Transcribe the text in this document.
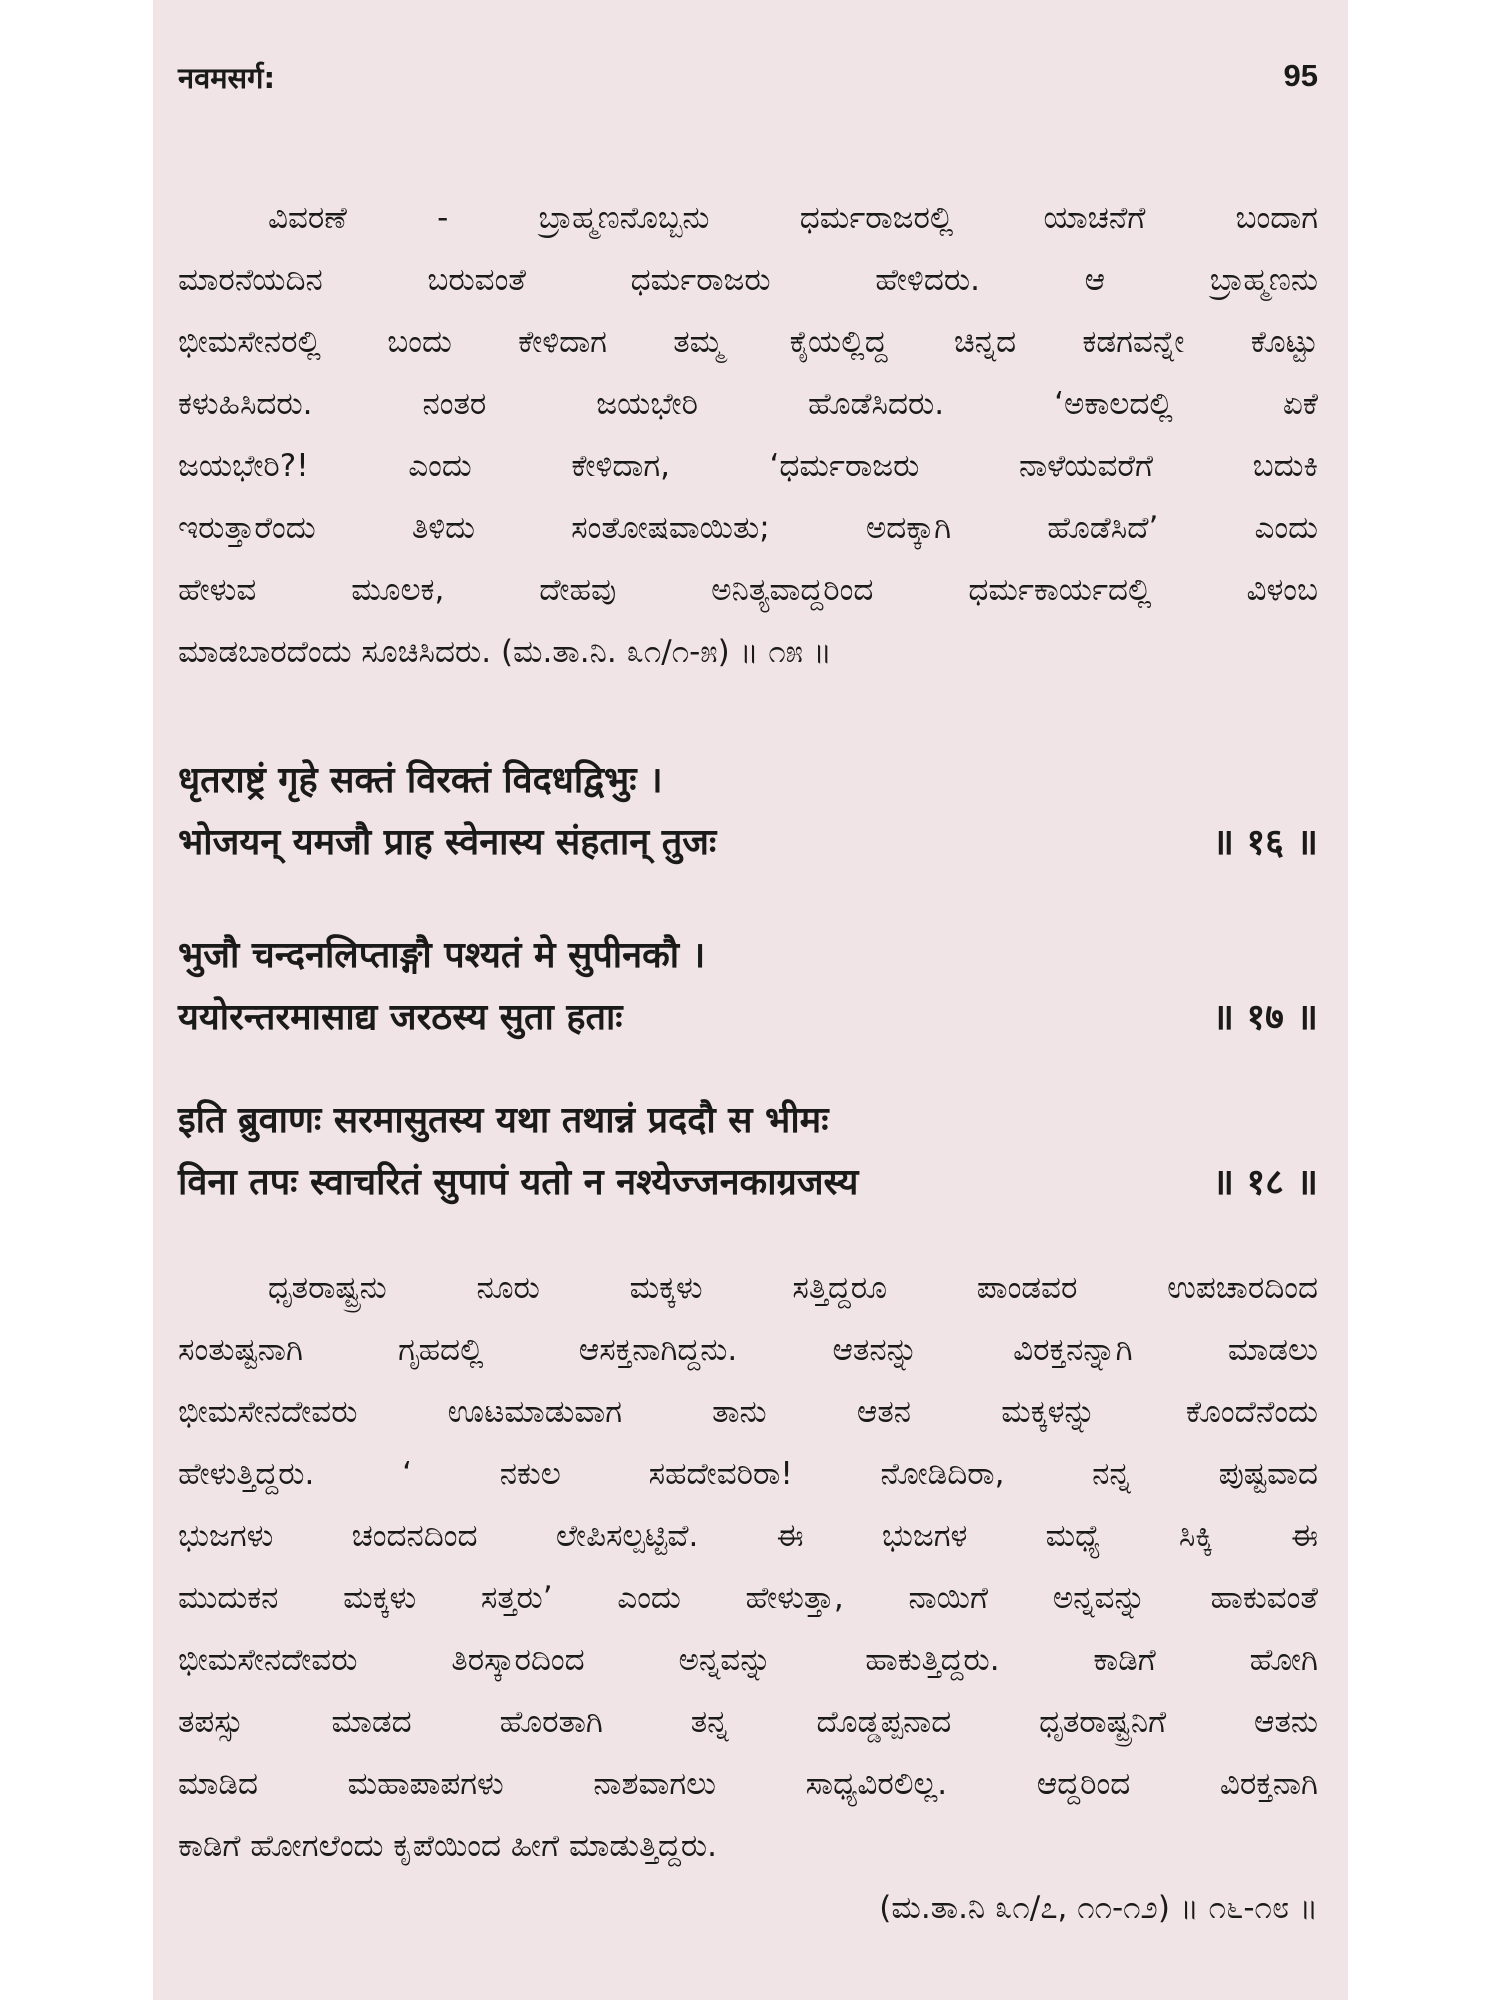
नवमसर्ग:	95
ವಿವರಣೆ - ಬ್ರಾಹ್ಮಣನೊಬ್ಬನು ಧರ್ಮರಾಜರಲ್ಲಿ ಯಾಚನೆಗೆ ಬಂದಾಗ
ಮಾರನೆಯದಿನ ಬರುವಂತೆ ಧರ್ಮರಾಜರು ಹೇಳಿದರು. ಆ ಬ್ರಾಹ್ಮಣನು
ಭೀಮಸೇನರಲ್ಲಿ ಬಂದು ಕೇಳಿದಾಗ ತಮ್ಮ ಕೈಯಲ್ಲಿದ್ದ ಚಿನ್ನದ ಕಡಗವನ್ನೇ ಕೊಟ್ಟು
ಕಳುಹಿಸಿದರು. ನಂತರ ಜಯಭೇರಿ ಹೊಡೆಸಿದರು. ‘ಅಕಾಲದಲ್ಲಿ ಏಕೆ
ಜಯಭೇರಿ?! ಎಂದು ಕೇಳಿದಾಗ, ‘ಧರ್ಮರಾಜರು ನಾಳೆಯವರೆಗೆ ಬದುಕಿ
ಇರುತ್ತಾರೆಂದು ತಿಳಿದು ಸಂತೋಷವಾಯಿತು; ಅದಕ್ಕಾಗಿ ಹೊಡೆಸಿದೆ’ ಎಂದು
ಹೇಳುವ ಮೂಲಕ, ದೇಹವು ಅನಿತ್ಯವಾದ್ದರಿಂದ ಧರ್ಮಕಾರ್ಯದಲ್ಲಿ ವಿಳಂಬ
ಮಾಡಬಾರದೆಂದು ಸೂಚಿಸಿದರು. (ಮ.ತಾ.ನಿ. ೩೧/೧-೫) ॥ ೧೫ ॥
धृतराष्ट्रं गृहे सक्तं विरक्तं विदधद्विभुः ।
भोजयन् यमजौ प्राह स्वेनास्य संहतान् तुजः	॥ १६ ॥
भुजौ चन्दनलिप्ताङ्गौ पश्यतं मे सुपीनकौ ।
ययोरन्तरमासाद्य जरठस्य सुता हताः	॥ १७ ॥
इति ब्रुवाणः सरमासुतस्य यथा तथान्नं प्रददौ स भीमः
विना तपः स्वाचरितं सुपापं यतो न नश्येज्जनकाग्रजस्य	॥ १८ ॥
ಧೃತರಾಷ್ಟ್ರನು ನೂರು ಮಕ್ಕಳು ಸತ್ತಿದ್ದರೂ ಪಾಂಡವರ ಉಪಚಾರದಿಂದ
ಸಂತುಷ್ಟನಾಗಿ ಗೃಹದಲ್ಲಿ ಆಸಕ್ತನಾಗಿದ್ದನು. ಆತನನ್ನು ವಿರಕ್ತನನ್ನಾಗಿ ಮಾಡಲು
ಭೀಮಸೇನದೇವರು ಊಟಮಾಡುವಾಗ ತಾನು ಆತನ ಮಕ್ಕಳನ್ನು ಕೊಂದೆನೆಂದು
ಹೇಳುತ್ತಿದ್ದರು. ‘ ನಕುಲ ಸಹದೇವರಿರಾ! ನೋಡಿದಿರಾ, ನನ್ನ ಪುಷ್ಟವಾದ
ಭುಜಗಳು ಚಂದನದಿಂದ ಲೇಪಿಸಲ್ಪಟ್ಟಿವೆ. ಈ ಭುಜಗಳ ಮಧ್ಯೆ ಸಿಕ್ಕಿ ಈ
ಮುದುಕನ ಮಕ್ಕಳು ಸತ್ತರು’ ಎಂದು ಹೇಳುತ್ತಾ, ನಾಯಿಗೆ ಅನ್ನವನ್ನು ಹಾಕುವಂತೆ
ಭೀಮಸೇನದೇವರು ತಿರಸ್ಕಾರದಿಂದ ಅನ್ನವನ್ನು ಹಾಕುತ್ತಿದ್ದರು. ಕಾಡಿಗೆ ಹೋಗಿ
ತಪಸ್ಸು ಮಾಡದ ಹೊರತಾಗಿ ತನ್ನ ದೊಡ್ಡಪ್ಪನಾದ ಧೃತರಾಷ್ಟ್ರನಿಗೆ ಆತನು
ಮಾಡಿದ ಮಹಾಪಾಪಗಳು ನಾಶವಾಗಲು ಸಾಧ್ಯವಿರಲಿಲ್ಲ. ಆದ್ದರಿಂದ ವಿರಕ್ತನಾಗಿ
ಕಾಡಿಗೆ ಹೋಗಲೆಂದು ಕೃಪೆಯಿಂದ ಹೀಗೆ ಮಾಡುತ್ತಿದ್ದರು.
(ಮ.ತಾ.ನಿ ೩೧/೭, ೧೧-೧೨) ॥ ೧೬-೧೮ ॥
